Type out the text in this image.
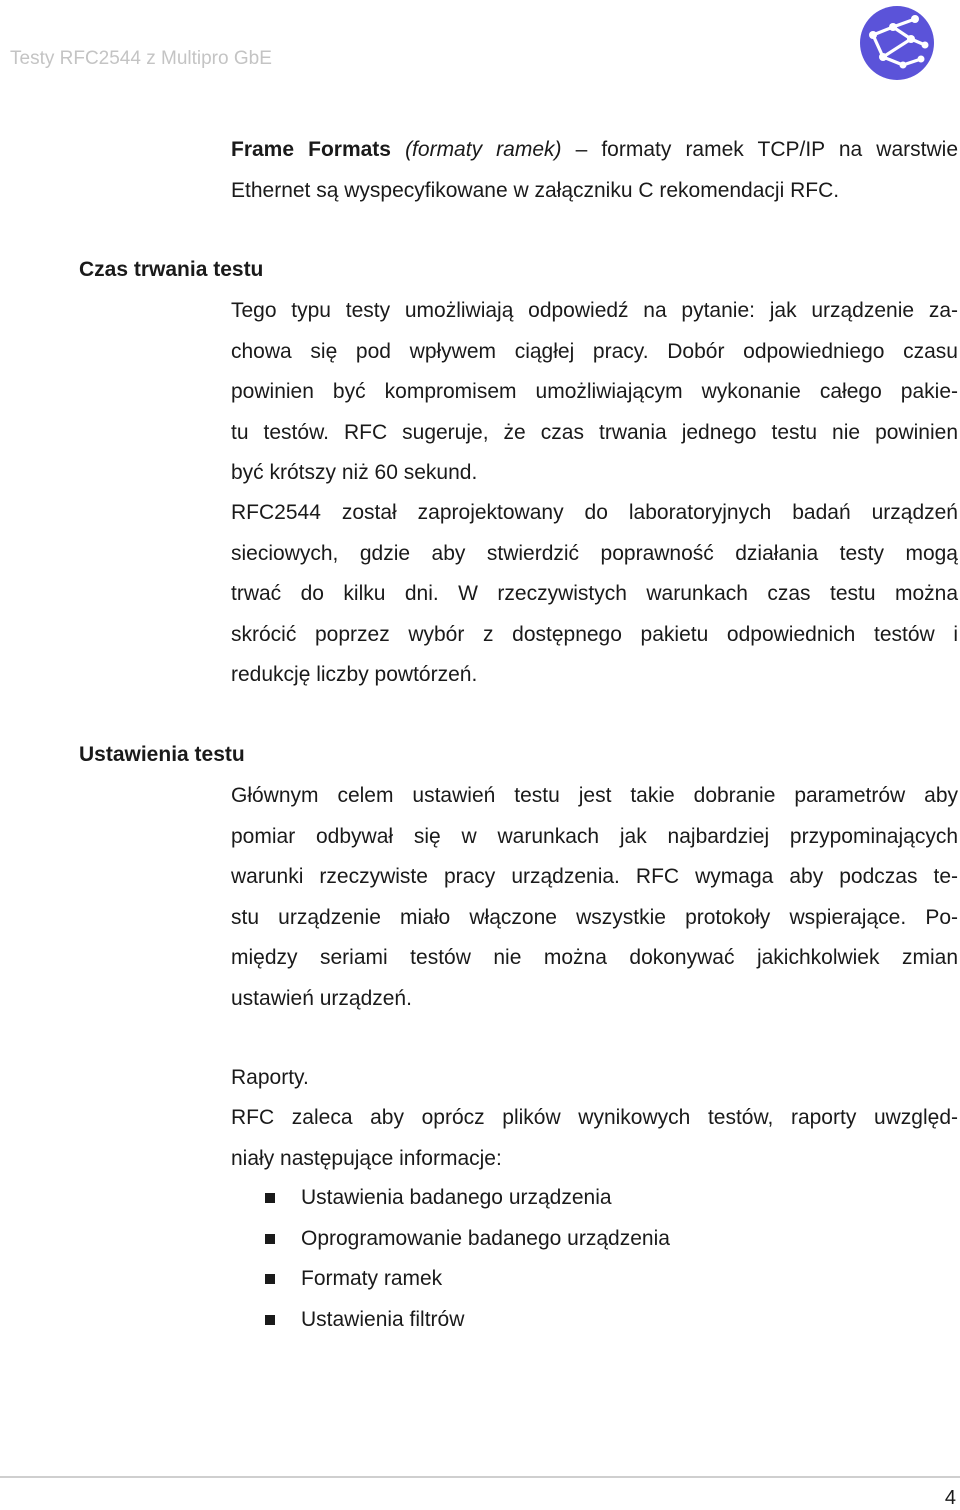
Testy RFC2544 z Multipro GbE
Frame Formats (formaty ramek) – formaty ramek TCP/IP na warstwie
Ethernet są wyspecyfikowane w załączniku C rekomendacji RFC.
Czas trwania testu
Tego typu testy umożliwiają odpowiedź na pytanie: jak urządzenie za-
chowa się pod wpływem ciągłej pracy. Dobór odpowiedniego czasu
powinien być kompromisem umożliwiającym wykonanie całego pakie-
tu testów. RFC sugeruje, że czas trwania jednego testu nie powinien
być krótszy niż 60 sekund.
RFC2544 został zaprojektowany do laboratoryjnych badań urządzeń
sieciowych, gdzie aby stwierdzić poprawność działania testy mogą
trwać do kilku dni. W rzeczywistych warunkach czas testu można
skrócić poprzez wybór z dostępnego pakietu odpowiednich testów i
redukcję liczby powtórzeń.
Ustawienia testu
Głównym celem ustawień testu jest takie dobranie parametrów aby
pomiar odbywał się w warunkach jak najbardziej przypominających
warunki rzeczywiste pracy urządzenia. RFC wymaga aby podczas te-
stu urządzenie miało włączone wszystkie protokoły wspierające. Po-
między seriami testów nie można dokonywać jakichkolwiek zmian
ustawień urządzeń.
Raporty.
RFC zaleca aby oprócz plików wynikowych testów, raporty uwzględ-
niały następujące informacje:
Ustawienia badanego urządzenia
Oprogramowanie badanego urządzenia
Formaty ramek
Ustawienia filtrów
4
